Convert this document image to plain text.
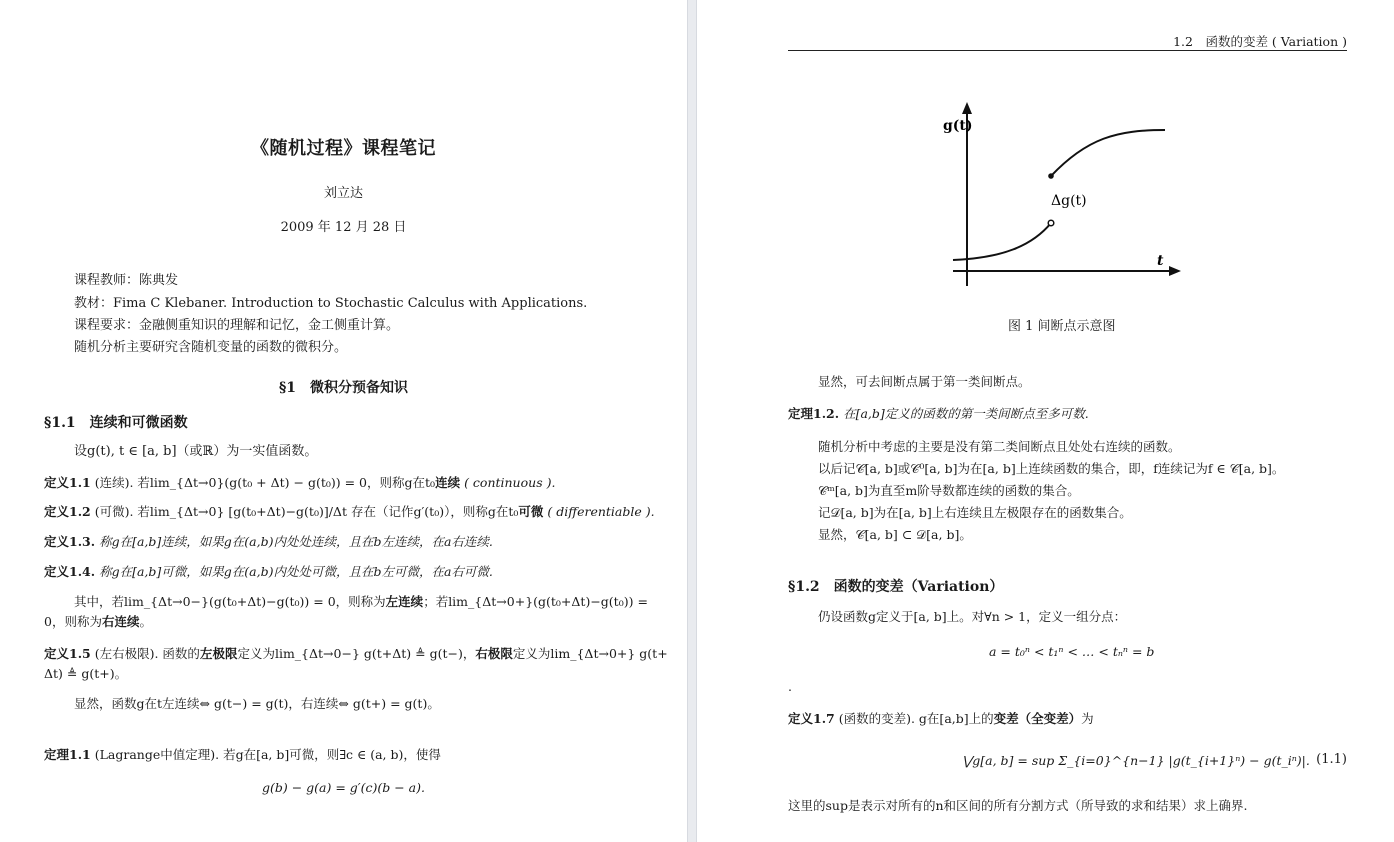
《随机过程》课程笔记
刘立达
2009 年 12 月 28 日
课程教师：陈典发
教材：Fima C Klebaner. Introduction to Stochastic Calculus with Applications.
课程要求：金融侧重知识的理解和记忆，金工侧重计算。
随机分析主要研究含随机变量的函数的微积分。
§1　微积分预备知识
§1.1　连续和可微函数
设g(t), t ∈ [a, b]（或ℝ）为一实值函数。
定义1.1 (连续). 若lim_{Δt→0}(g(t₀ + Δt) − g(t₀)) = 0，则称g在t₀连续 ( continuous ).
定义1.2 (可微). 若lim_{Δt→0} [g(t₀+Δt)−g(t₀)]/Δt 存在（记作g′(t₀)），则称g在t₀可微 ( differentiable ).
定义1.3. 称g在[a,b]连续，如果g在(a,b)内处处连续，且在b左连续，在a右连续.
定义1.4. 称g在[a,b]可微，如果g在(a,b)内处处可微，且在b左可微，在a右可微.
其中，若lim_{Δt→0−}(g(t₀+Δt)−g(t₀)) = 0，则称为左连续；若lim_{Δt→0+}(g(t₀+Δt)−g(t₀)) =
0，则称为右连续。
定义1.5 (左右极限). 函数的左极限定义为lim_{Δt→0−} g(t+Δt) ≜ g(t−)，右极限定义为lim_{Δt→0+} g(t+
Δt) ≜ g(t+)。
显然，函数g在t左连续⇔ g(t−) = g(t)，右连续⇔ g(t+) = g(t)。
定理1.1 (Lagrange中值定理). 若g在[a, b]可微，则∃c ∈ (a, b)，使得
g(b) − g(a) = g′(c)(b − a).
1.2　函数的变差 ( Variation )
g(t)
t
Δg(t)
图 1 间断点示意图
显然，可去间断点属于第一类间断点。
定理1.2. 在[a,b]定义的函数的第一类间断点至多可数.
随机分析中考虑的主要是没有第二类间断点且处处右连续的函数。
以后记𝒞[a, b]或𝒞⁰[a, b]为在[a, b]上连续函数的集合，即，f连续记为f ∈ 𝒞[a, b]。
𝒞ᵐ[a, b]为直至m阶导数都连续的函数的集合。
记𝒟[a, b]为在[a, b]上右连续且左极限存在的函数集合。
显然，𝒞[a, b] ⊂ 𝒟[a, b]。
§1.2　函数的变差（Variation）
仍设函数g定义于[a, b]上。对∀n > 1，定义一组分点：
a = t₀ⁿ < t₁ⁿ < … < tₙⁿ = b
.
定义1.7 (函数的变差). g在[a,b]上的变差（全变差）为
⋁g[a, b] = sup Σ_{i=0}^{n−1} |g(t_{i+1}ⁿ) − g(t_iⁿ)|. (1.1)
这里的sup是表示对所有的n和区间的所有分割方式（所导致的求和结果）求上确界.
